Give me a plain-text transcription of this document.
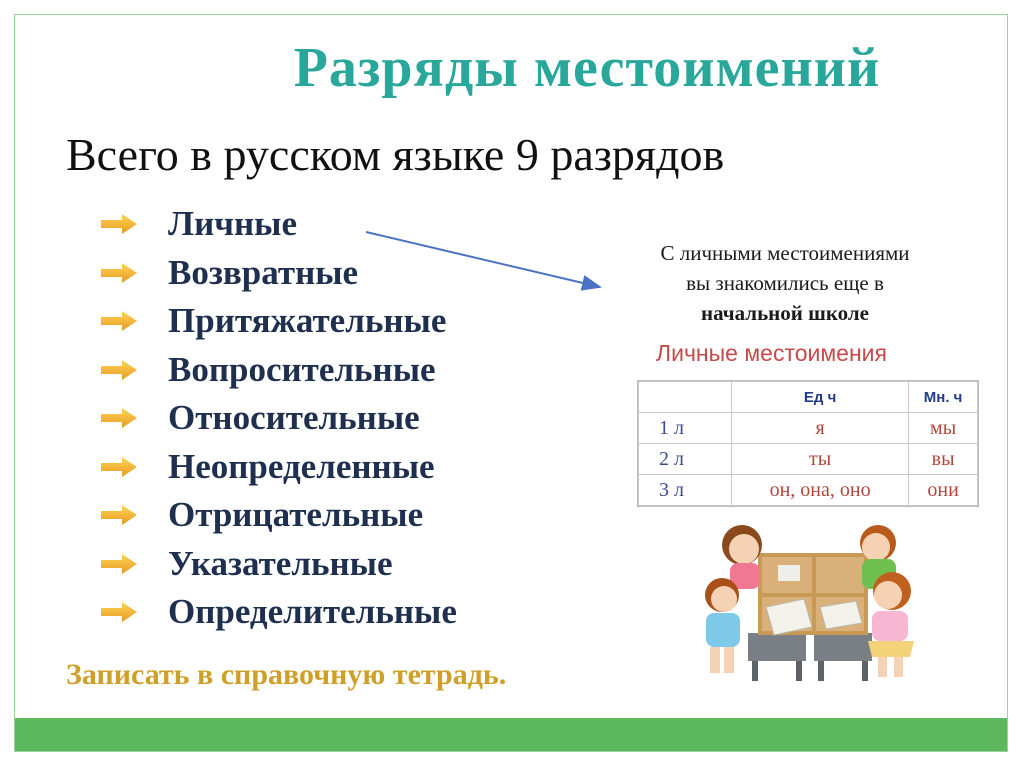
Разряды местоимений
Всего в русском языке 9 разрядов
Личные
Возвратные
Притяжательные
Вопросительные
Относительные
Неопределенные
Отрицательные
Указательные
Определительные
С личными местоимениями
вы знакомились еще в
начальной школе
Личные местоимения
	Ед ч	Мн. ч
1 л	я	мы
2 л	ты	вы
3 л	он, она, оно	они
Записать в справочную тетрадь.
